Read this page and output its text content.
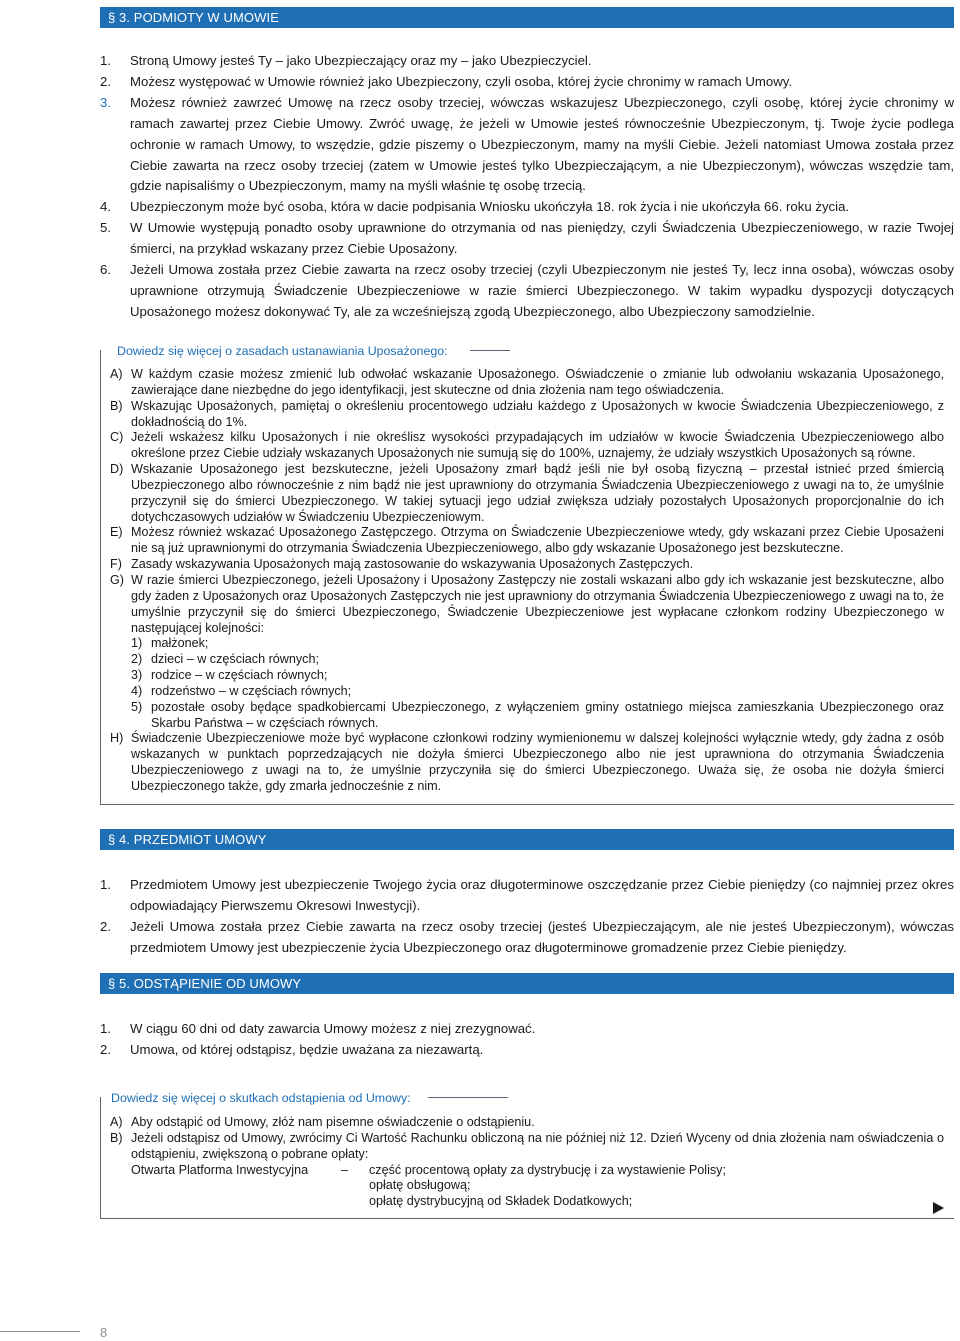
§ 3. PODMIOTY W UMOWIE
1. Stroną Umowy jesteś Ty – jako Ubezpieczający oraz my – jako Ubezpieczyciel.
2. Możesz występować w Umowie również jako Ubezpieczony, czyli osoba, której życie chronimy w ramach Umowy.
3. Możesz również zawrzeć Umowę na rzecz osoby trzeciej, wówczas wskazujesz Ubezpieczonego, czyli osobę, której życie chronimy w ramach zawartej przez Ciebie Umowy. Zwróć uwagę, że jeżeli w Umowie jesteś równocześnie Ubezpieczonym, tj. Twoje życie podlega ochronie w ramach Umowy, to wszędzie, gdzie piszemy o Ubezpieczonym, mamy na myśli Ciebie. Jeżeli natomiast Umowa została przez Ciebie zawarta na rzecz osoby trzeciej (zatem w Umowie jesteś tylko Ubezpieczającym, a nie Ubezpieczonym), wówczas wszędzie tam, gdzie napisaliśmy o Ubezpieczonym, mamy na myśli właśnie tę osobę trzecią.
4. Ubezpieczonym może być osoba, która w dacie podpisania Wniosku ukończyła 18. rok życia i nie ukończyła 66. roku życia.
5. W Umowie występują ponadto osoby uprawnione do otrzymania od nas pieniędzy, czyli Świadczenia Ubezpieczeniowego, w razie Twojej śmierci, na przykład wskazany przez Ciebie Uposażony.
6. Jeżeli Umowa została przez Ciebie zawarta na rzecz osoby trzeciej (czyli Ubezpieczonym nie jesteś Ty, lecz inna osoba), wówczas osoby uprawnione otrzymują Świadczenie Ubezpieczeniowe w razie śmierci Ubezpieczonego. W takim wypadku dyspozycji dotyczących Uposażonego możesz dokonywać Ty, ale za wcześniejszą zgodą Ubezpieczonego, albo Ubezpieczony samodzielnie.
Dowiedz się więcej o zasadach ustanawiania Uposażonego:
A) W każdym czasie możesz zmienić lub odwołać wskazanie Uposażonego. Oświadczenie o zmianie lub odwołaniu wskazania Uposażonego, zawierające dane niezbędne do jego identyfikacji, jest skuteczne od dnia złożenia nam tego oświadczenia.
B) Wskazując Uposażonych, pamiętaj o określeniu procentowego udziału każdego z Uposażonych w kwocie Świadczenia Ubezpieczeniowego, z dokładnością do 1%.
C) Jeżeli wskażesz kilku Uposażonych i nie określisz wysokości przypadających im udziałów w kwocie Świadczenia Ubezpieczeniowego albo określone przez Ciebie udziały wskazanych Uposażonych nie sumują się do 100%, uznajemy, że udziały wszystkich Uposażonych są równe.
D) Wskazanie Uposażonego jest bezskuteczne, jeżeli Uposażony zmarł bądź jeśli nie był osobą fizyczną – przestał istnieć przed śmiercią Ubezpieczonego albo równocześnie z nim bądź nie jest uprawniony do otrzymania Świadczenia Ubezpieczeniowego z uwagi na to, że umyślnie przyczynił się do śmierci Ubezpieczonego. W takiej sytuacji jego udział zwiększa udziały pozostałych Uposażonych proporcjonalnie do ich dotychczasowych udziałów w Świadczeniu Ubezpieczeniowym.
E) Możesz również wskazać Uposażonego Zastępczego. Otrzyma on Świadczenie Ubezpieczeniowe wtedy, gdy wskazani przez Ciebie Uposażeni nie są już uprawnionymi do otrzymania Świadczenia Ubezpieczeniowego, albo gdy wskazanie Uposażonego jest bezskuteczne.
F) Zasady wskazywania Uposażonych mają zastosowanie do wskazywania Uposażonych Zastępczych.
G) W razie śmierci Ubezpieczonego, jeżeli Uposażony i Uposażony Zastępczy nie zostali wskazani albo gdy ich wskazanie jest bezskuteczne, albo gdy żaden z Uposażonych oraz Uposażonych Zastępczych nie jest uprawniony do otrzymania Świadczenia Ubezpieczeniowego z uwagi na to, że umyślnie przyczynił się do śmierci Ubezpieczonego, Świadczenie Ubezpieczeniowe jest wypłacane członkom rodziny Ubezpieczonego w następującej kolejności:
1) małżonek;
2) dzieci – w częściach równych;
3) rodzice – w częściach równych;
4) rodzeństwo – w częściach równych;
5) pozostałe osoby będące spadkobiercami Ubezpieczonego, z wyłączeniem gminy ostatniego miejsca zamieszkania Ubezpieczonego oraz Skarbu Państwa – w częściach równych.
H) Świadczenie Ubezpieczeniowe może być wypłacone członkowi rodziny wymienionemu w dalszej kolejności wyłącznie wtedy, gdy żadna z osób wskazanych w punktach poprzedzających nie dożyła śmierci Ubezpieczonego albo nie jest uprawniona do otrzymania Świadczenia Ubezpieczeniowego z uwagi na to, że umyślnie przyczyniła się do śmierci Ubezpieczonego. Uważa się, że osoba nie dożyła śmierci Ubezpieczonego także, gdy zmarła jednocześnie z nim.
§ 4. PRZEDMIOT UMOWY
1. Przedmiotem Umowy jest ubezpieczenie Twojego życia oraz długoterminowe oszczędzanie przez Ciebie pieniędzy (co najmniej przez okres odpowiadający Pierwszemu Okresowi Inwestycji).
2. Jeżeli Umowa została przez Ciebie zawarta na rzecz osoby trzeciej (jesteś Ubezpieczającym, ale nie jesteś Ubezpieczonym), wówczas przedmiotem Umowy jest ubezpieczenie życia Ubezpieczonego oraz długoterminowe gromadzenie przez Ciebie pieniędzy.
§ 5. ODSTĄPIENIE OD UMOWY
1. W ciągu 60 dni od daty zawarcia Umowy możesz z niej zrezygnować.
2. Umowa, od której odstąpisz, będzie uważana za niezawartą.
Dowiedz się więcej o skutkach odstąpienia od Umowy:
A) Aby odstąpić od Umowy, złóż nam pisemne oświadczenie o odstąpieniu.
B) Jeżeli odstąpisz od Umowy, zwrócimy Ci Wartość Rachunku obliczoną na nie później niż 12. Dzień Wyceny od dnia złożenia nam oświadczenia o odstąpieniu, zwiększoną o pobrane opłaty:
Otwarta Platforma Inwestycyjna	–	część procentową opłaty za dystrybucję i za wystawienie Polisy;
opłatę obsługową;
opłatę dystrybucyjną od Składek Dodatkowych;
8
